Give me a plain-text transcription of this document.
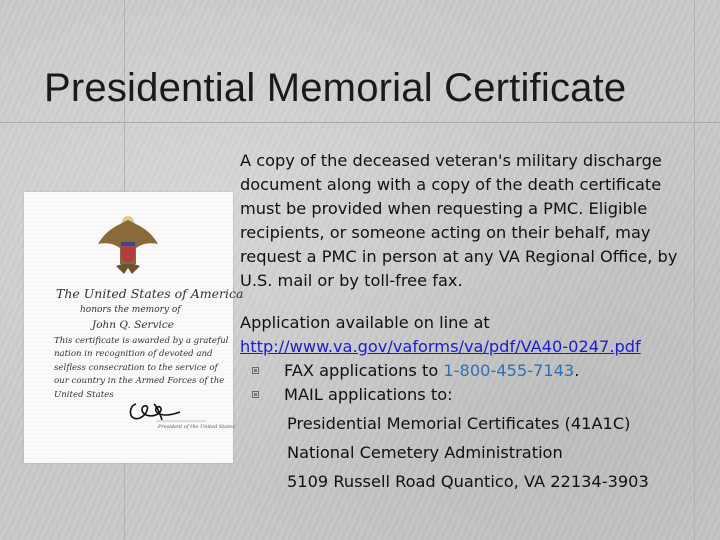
Presidential Memorial Certificate
The United States of America
honors the memory of
John Q. Service
This certificate is awarded by a grateful nation in recognition of devoted and selfless consecration to the service of our country in the Armed Forces of the United States
President of the United States

A copy of the deceased veteran's military discharge document along with a copy of the death certificate must be provided when requesting a PMC. Eligible recipients, or someone acting on their behalf, may request a PMC in person at any VA Regional Office, by U.S. mail or by toll-free fax.

Application available on line at
http://www.va.gov/vaforms/va/pdf/VA40-0247.pdf

FAX applications to 1-800-455-7143.
MAIL applications to:
Presidential Memorial Certificates (41A1C)
National Cemetery Administration
5109 Russell Road Quantico, VA 22134-3903
